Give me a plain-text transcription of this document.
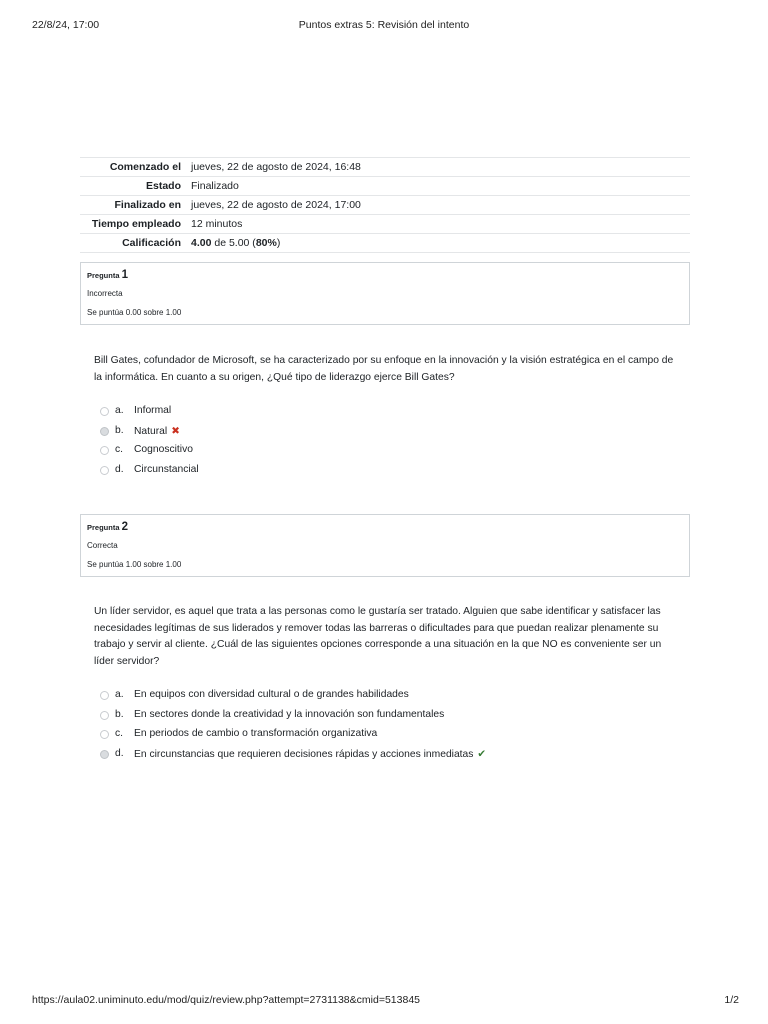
22/8/24, 17:00	Puntos extras 5: Revisión del intento
Comenzado el	jueves, 22 de agosto de 2024, 16:48
Estado	Finalizado
Finalizado en	jueves, 22 de agosto de 2024, 17:00
Tiempo empleado	12 minutos
Calificación	4.00 de 5.00 (80%)
Pregunta 1
Incorrecta
Se puntúa 0.00 sobre 1.00
Bill Gates, cofundador de Microsoft, se ha caracterizado por su enfoque en la innovación y la visión estratégica en el campo de la informática. En cuanto a su origen, ¿Qué tipo de liderazgo ejerce Bill Gates?
a. Informal
b. Natural ✖
c. Cognoscitivo
d. Circunstancial
Pregunta 2
Correcta
Se puntúa 1.00 sobre 1.00
Un líder servidor, es aquel que trata a las personas como le gustaría ser tratado. Alguien que sabe identificar y satisfacer las necesidades legítimas de sus liderados y remover todas las barreras o dificultades para que puedan realizar plenamente su trabajo y servir al cliente. ¿Cuál de las siguientes opciones corresponde a una situación en la que NO es conveniente ser un líder servidor?
a. En equipos con diversidad cultural o de grandes habilidades
b. En sectores donde la creatividad y la innovación son fundamentales
c. En periodos de cambio o transformación organizativa
d. En circunstancias que requieren decisiones rápidas y acciones inmediatas ✔
https://aula02.uniminuto.edu/mod/quiz/review.php?attempt=2731138&cmid=513845	1/2
